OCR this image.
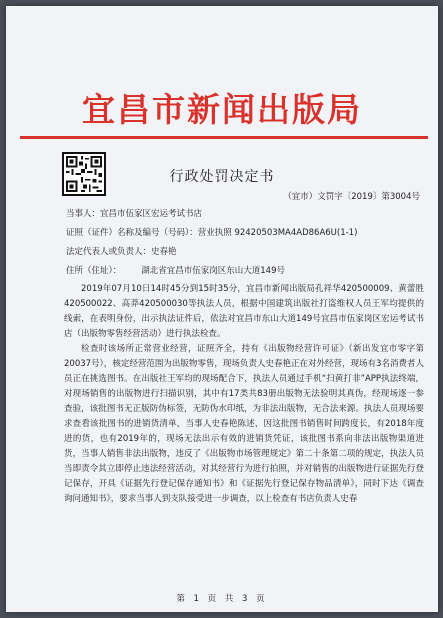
宜昌市新闻出版局
行政处罚决定书
（宜市）文罚字〔2019〕第3004号
当事人：宜昌市伍家区宏运考试书店
证照（证件）名称及编号（号码）：营业执照 92420503MA4AD86A6U(1-1)
法定代表人或负责人：史春艳
住所（住址）： 湖北省宜昌市伍家岗区东山大道149号
2019年07月10日14时45分到15时35分，宜昌市新闻出版局孔祥华420500009、黄蕾胜420500022、高莽420500030等执法人员，根据中国建筑出版社打盗维权人员王军均提供的线索，在表明身份，出示执法证件后，依法对宜昌市东山大道149号宜昌市伍家岗区宏运考试书店（出版物零售经营活动）进行执法检查。
检查时该场所正常营业经营，证照齐全，持有《出版物经营许可证》（新出发宜市零字第20037号），核定经营范围为出版物零售，现场负责人史春艳正在对外经营，现场有3名消费者人员正在挑选图书。在出版社王军均的现场配合下，执法人员通过手机“扫黄打非”APP执法终端，对现场销售的出版物进行扫描识别，其中有17类共83册出版物无法验明其真伪，经现场逐一参查验，该批图书无正版防伪标签，无防伪水印纸，为非法出版物，无合法来源。执法人员现场要求查看该批图书的进销货清单，当事人史春艳陈述，因这批图书销售时间跨度长，有2018年度进的货，也有2019年的，现场无法出示有效的进销货凭证，该批图书系向非法出版物渠道进货，当事人销售非法出版物，违反了《出版物市场管理规定》第二十条第二项的规定，执法人员当即责令其立即停止违法经营活动，对其经营行为进行拍照，并对销售的出版物进行证据先行登记保存，开具《证据先行登记保存通知书》和《证据先行登记保存物品清单》，同时下达《调查询问通知书》，要求当事人到支队接受进一步调查，以上检查有书店负责人史春
第 1 页 共 3 页
